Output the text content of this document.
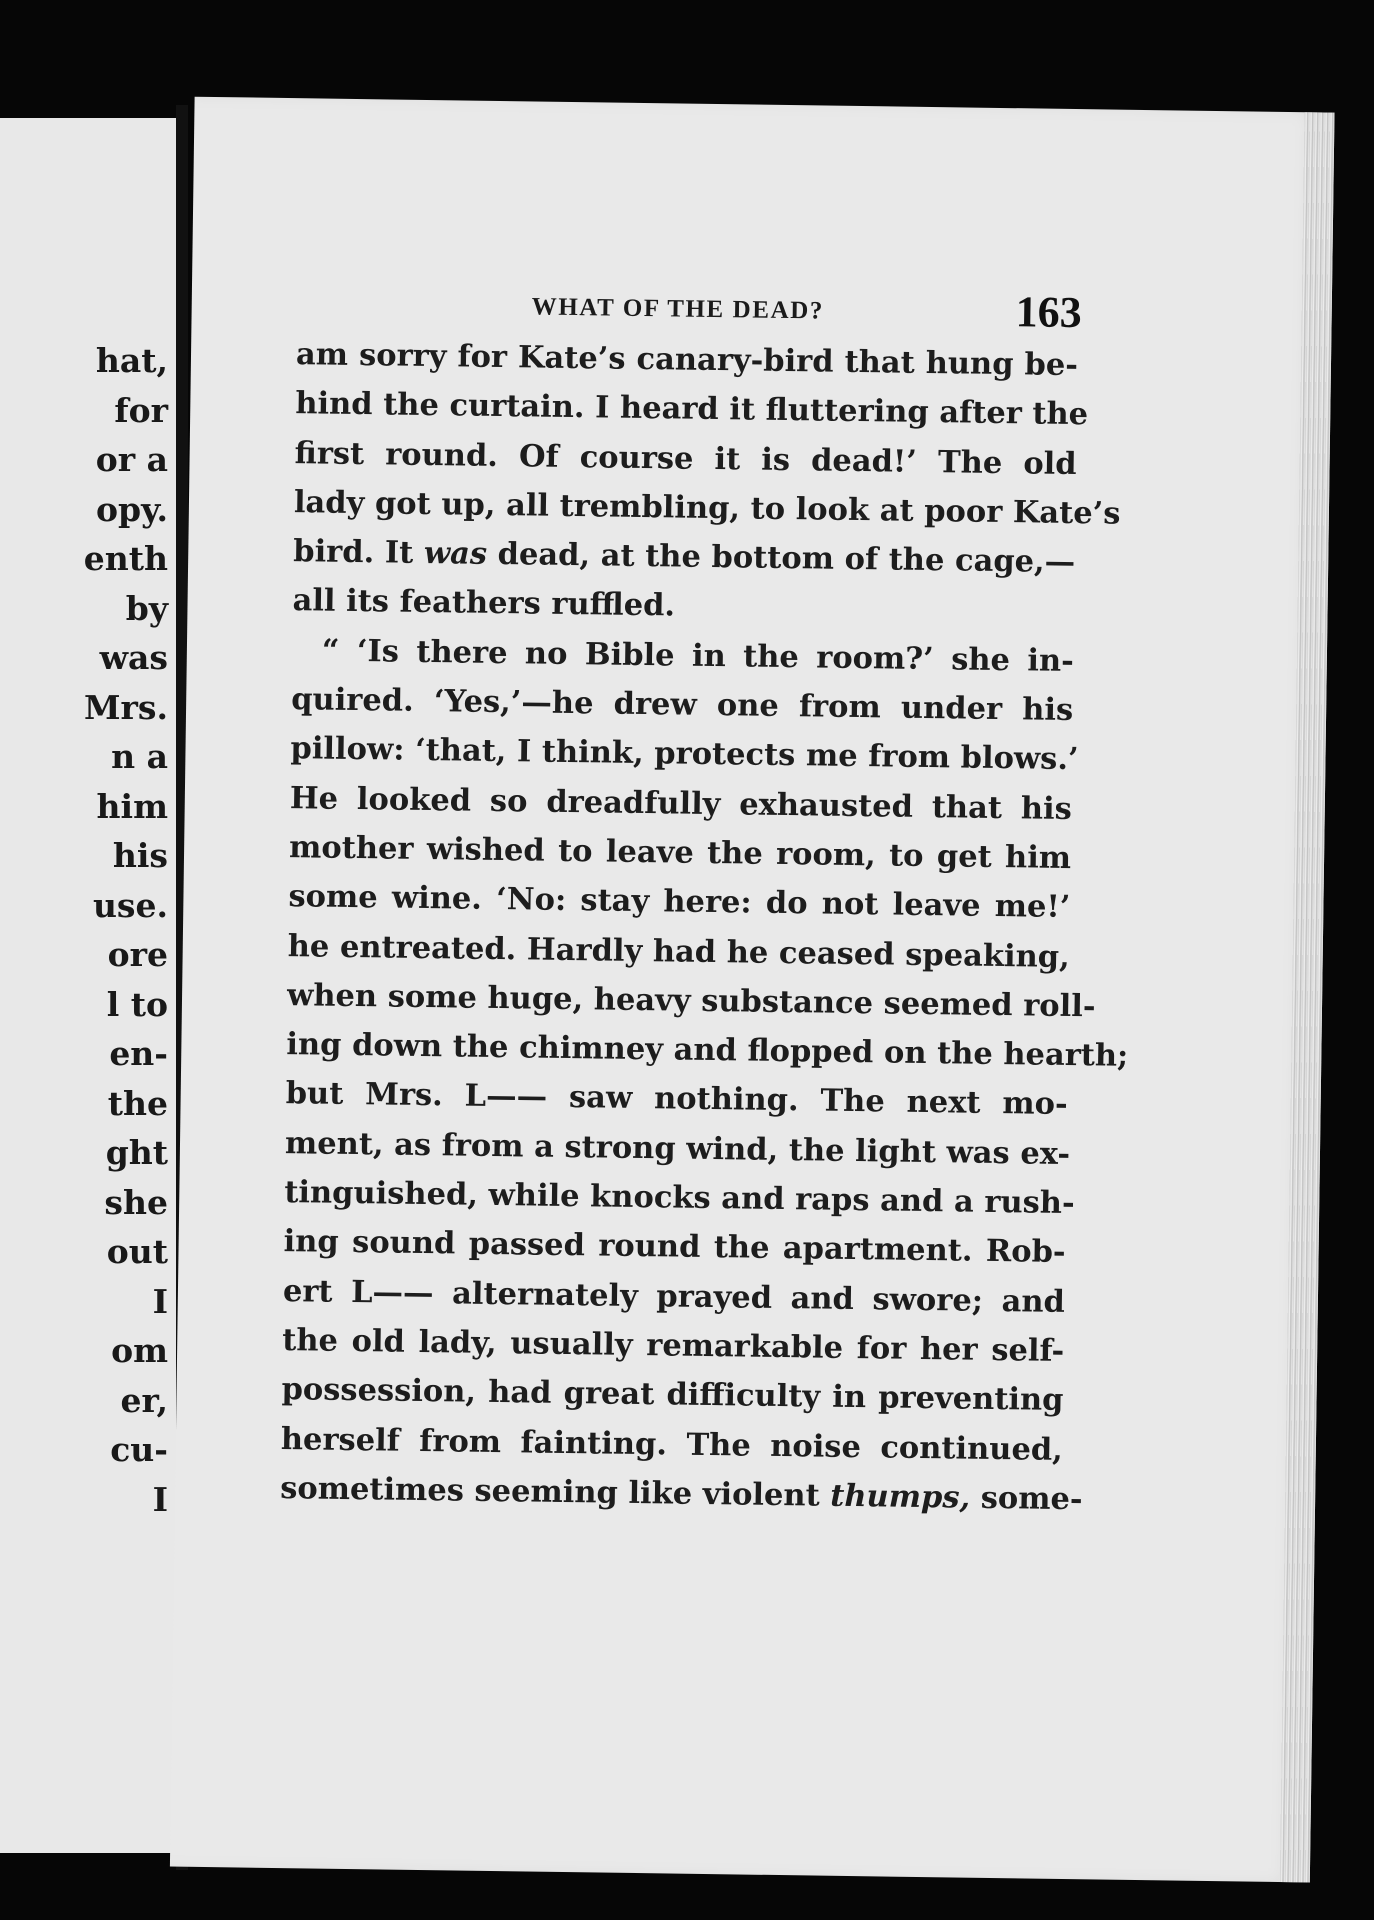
hat,
for
or a
opy.
enth
by
was
Mrs.
n a
him
his
use.
ore
l to
en-
the
ght
she
out
I
om
er,
cu-
I
WHAT OF THE DEAD?	163
am sorry for Kate’s canary-bird that hung be-
hind the curtain. I heard it fluttering after the
first round. Of course it is dead!’ The old
lady got up, all trembling, to look at poor Kate’s
bird. It was dead, at the bottom of the cage,—
all its feathers ruffled.
“ ‘Is there no Bible in the room?’ she in-
quired. ‘Yes,’—he drew one from under his
pillow: ‘that, I think, protects me from blows.’
He looked so dreadfully exhausted that his
mother wished to leave the room, to get him
some wine. ‘No: stay here: do not leave me!’
he entreated. Hardly had he ceased speaking,
when some huge, heavy substance seemed roll-
ing down the chimney and flopped on the hearth;
but Mrs. L—— saw nothing. The next mo-
ment, as from a strong wind, the light was ex-
tinguished, while knocks and raps and a rush-
ing sound passed round the apartment. Rob-
ert L—— alternately prayed and swore; and
the old lady, usually remarkable for her self-
possession, had great difficulty in preventing
herself from fainting. The noise continued,
sometimes seeming like violent thumps, some-
